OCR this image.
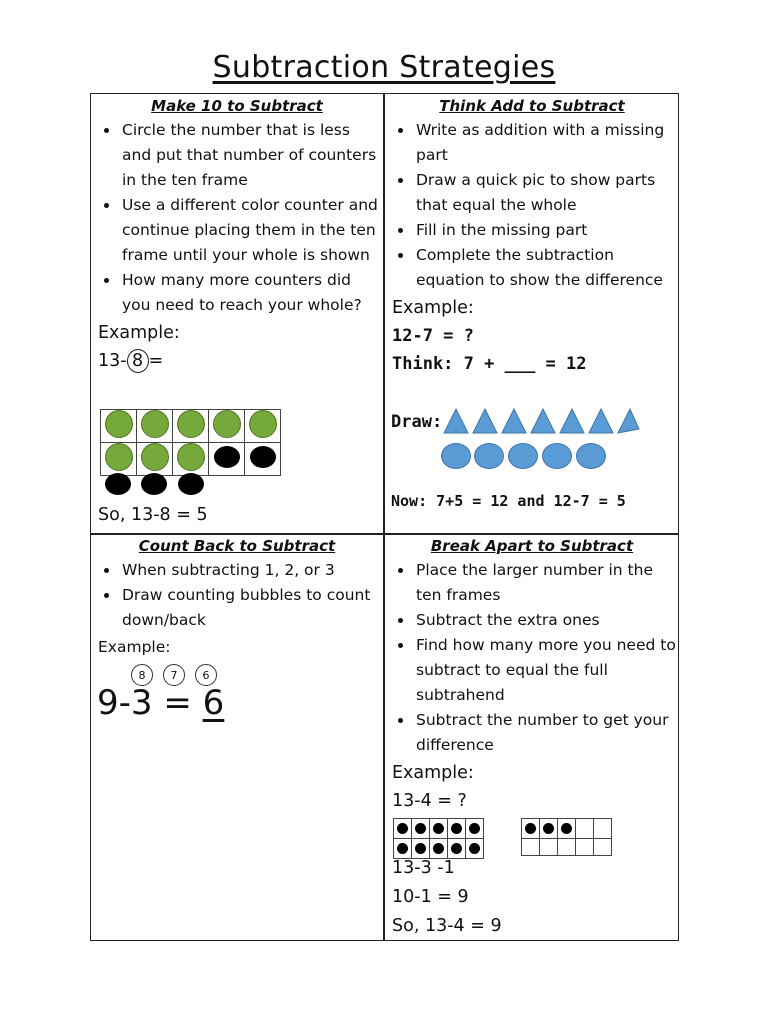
Subtraction Strategies
Make 10 to Subtract
• Circle the number that is less and put that number of counters in the ten frame
• Use a different color counter and continue placing them in the ten frame until your whole is shown
• How many more counters did you need to reach your whole?
Example:
13- 8 =

So, 13-8 = 5
Think Add to Subtract
• Write as addition with a missing part
• Draw a quick pic to show parts that equal the whole
• Fill in the missing part
• Complete the subtraction equation to show the difference
Example:
12-7 = ?
Think: 7 + ___ = 12
Draw:
Now: 7+5 = 12 and 12-7 = 5
Count Back to Subtract
• When subtracting 1, 2, or 3
• Draw counting bubbles to count down/back
Example:
8	7	6
9-3 = 6
Break Apart to Subtract
• Place the larger number in the ten frames
• Subtract the extra ones
• Find how many more you need to subtract to equal the full subtrahend
• Subtract the number to get your difference
Example:
13-4 = ?

13-3 -1
10-1 = 9
So, 13-4 = 9
